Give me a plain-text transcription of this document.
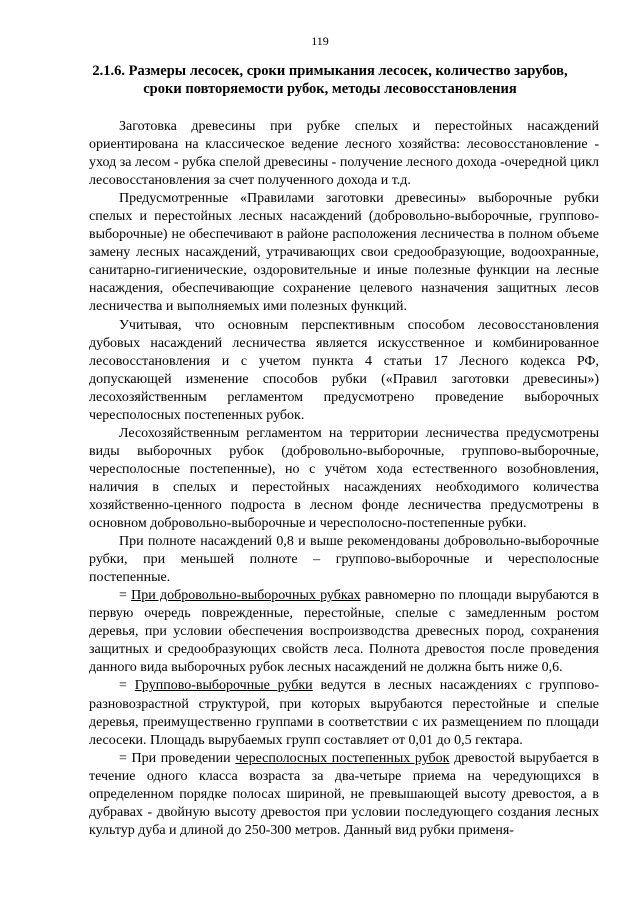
119
2.1.6. Размеры лесосек, сроки примыкания лесосек, количество зарубов,
сроки повторяемости рубок, методы лесовосстановления

Заготовка древесины при рубке спелых и перестойных насаждений ориентирована на классическое ведение лесного хозяйства: лесовосстановление - уход за лесом - рубка спелой древесины - получение лесного дохода -очередной цикл лесовосстановления за счет полученного дохода и т.д.

Предусмотренные «Правилами заготовки древесины» выборочные рубки спелых и перестойных лесных насаждений (добровольно-выборочные, группово-выборочные) не обеспечивают в районе расположения лесничества в полном объеме замену лесных насаждений, утрачивающих свои средообразующие, водоохранные, санитарно-гигиенические, оздоровительные и иные полезные функции на лесные насаждения, обеспечивающие сохранение целевого назначения защитных лесов лесничества и выполняемых ими полезных функций.

Учитывая, что основным перспективным способом лесовосстановления дубовых насаждений лесничества является искусственное и комбинированное лесовосстановления и с учетом пункта 4 статьи 17 Лесного кодекса РФ, допускающей изменение способов рубки («Правил заготовки древесины») лесохозяйственным регламентом предусмотрено проведение выборочных чересполосных постепенных рубок.

Лесохозяйственным регламентом на территории лесничества предусмотрены виды выборочных рубок (добровольно-выборочные, группово-выборочные, чересполосные постепенные), но с учётом хода естественного возобновления, наличия в спелых и перестойных насаждениях необходимого количества хозяйственно-ценного подроста в лесном фонде лесничества предусмотрены в основном добровольно-выборочные и чересполосно-постепенные рубки.

При полноте насаждений 0,8 и выше рекомендованы добровольно-выборочные рубки, при меньшей полноте – группово-выборочные и чересполосные постепенные.

= При добровольно-выборочных рубках равномерно по площади вырубаются в первую очередь поврежденные, перестойные, спелые с замедленным ростом деревья, при условии обеспечения воспроизводства древесных пород, сохранения защитных и средообразующих свойств леса. Полнота древостоя после проведения данного вида выборочных рубок лесных насаждений не должна быть ниже 0,6.

= Группово-выборочные рубки ведутся в лесных насаждениях с группово-разновозрастной структурой, при которых вырубаются перестойные и спелые деревья, преимущественно группами в соответствии с их размещением по площади лесосеки. Площадь вырубаемых групп составляет от 0,01 до 0,5 гектара.

= При проведении чересполосных постепенных рубок древостой вырубается в течение одного класса возраста за два-четыре приема на чередующихся в определенном порядке полосах шириной, не превышающей высоту древостоя, а в дубравах - двойную высоту древостоя при условии последующего создания лесных культур дуба и длиной до 250-300 метров. Данный вид рубки применя-
